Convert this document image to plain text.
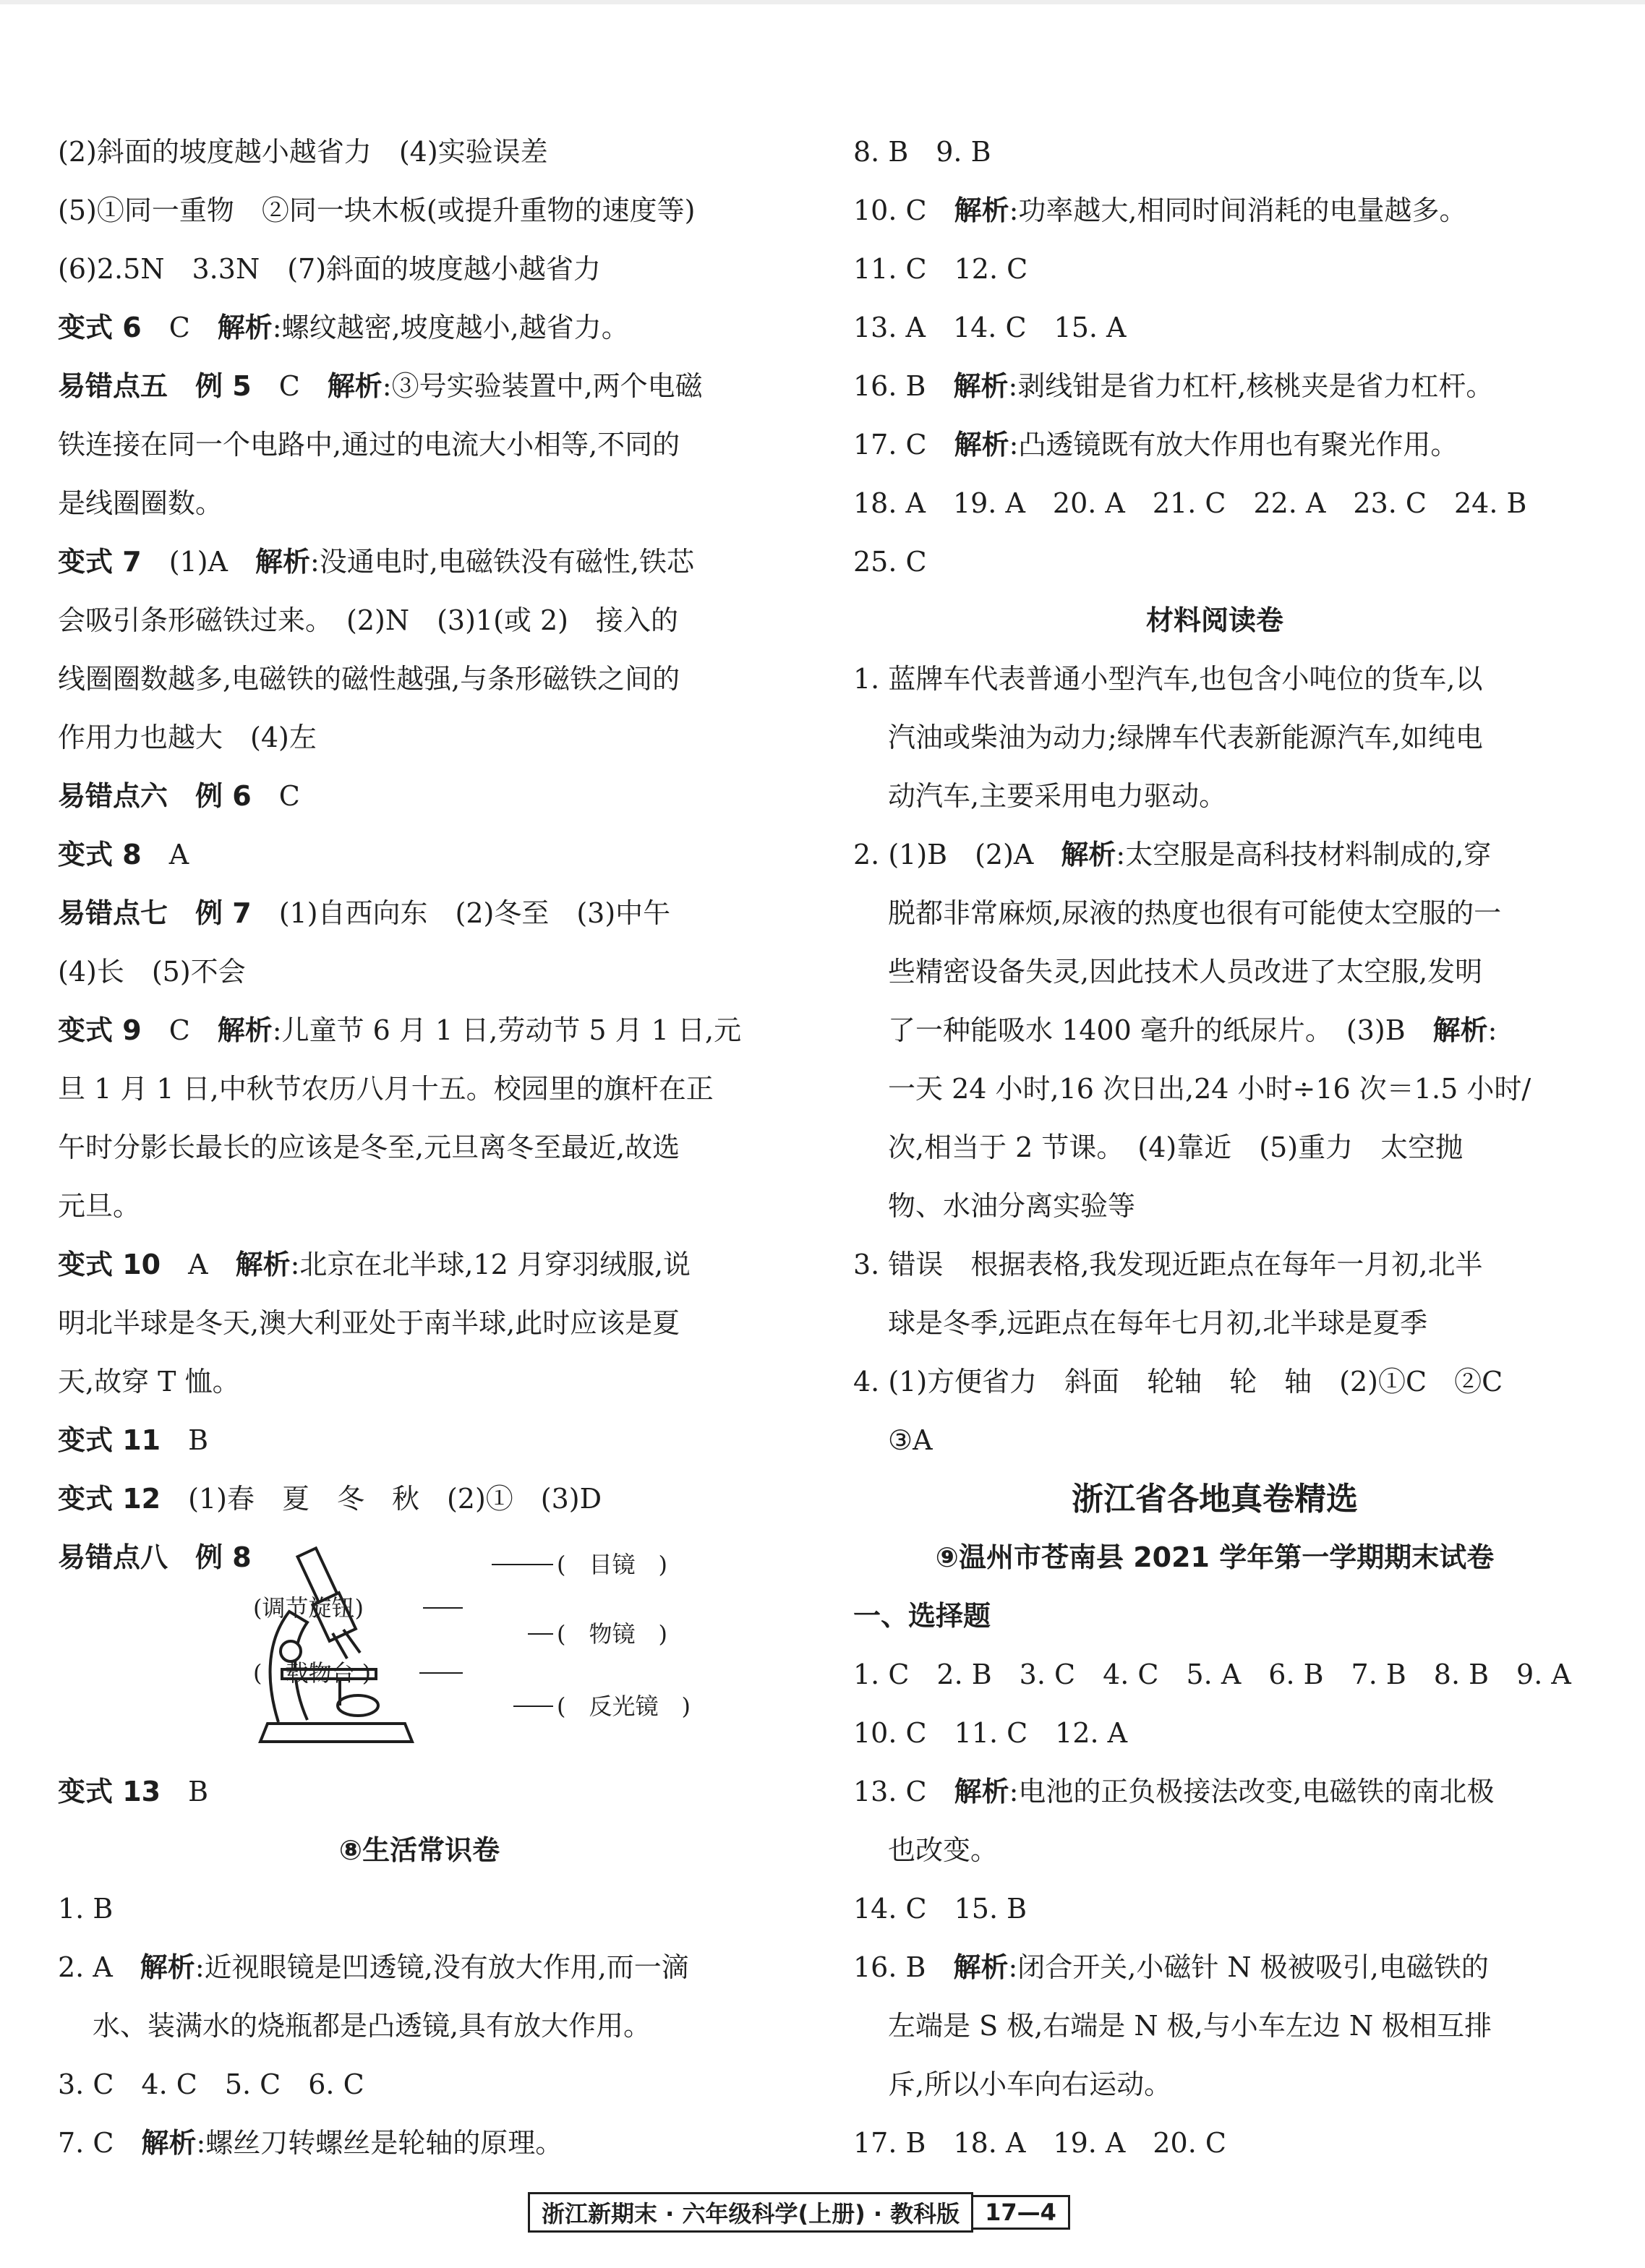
(2)斜面的坡度越小越省力　(4)实验误差
(5)①同一重物　②同一块木板(或提升重物的速度等)
(6)2.5N　3.3N　(7)斜面的坡度越小越省力
变式 6　 C　 解析:螺纹越密,坡度越小,越省力。
易错点五　例 5　 C　 解析:③号实验装置中,两个电磁
铁连接在同一个电路中,通过的电流大小相等,不同的
是线圈圈数。
变式 7　 (1)A　 解析:没通电时,电磁铁没有磁性,铁芯
会吸引条形磁铁过来。　(2)N　(3)1(或 2)　接入的
线圈圈数越多,电磁铁的磁性越强,与条形磁铁之间的
作用力也越大　(4)左
易错点六　例 6　 C
变式 8　 A
易错点七　例 7　 (1)自西向东　(2)冬至　(3)中午
(4)长　(5)不会
变式 9　 C　 解析:儿童节 6 月 1 日,劳动节 5 月 1 日,元
旦 1 月 1 日,中秋节农历八月十五。校园里的旗杆在正
午时分影长最长的应该是冬至,元旦离冬至最近,故选
元旦。
变式 10　 A　 解析:北京在北半球,12 月穿羽绒服,说
明北半球是冬天,澳大利亚处于南半球,此时应该是夏
天,故穿 T 恤。
变式 11　 B
变式 12　 (1)春　夏　冬　秋　(2)①　(3)D
易错点八　例 8	(　目镜　)
(调节旋钮)
(　物镜　)
(　载物台 )
(　反光镜　)
变式 13　 B
⑧生活常识卷
1. B
2. A　 解析:近视眼镜是凹透镜,没有放大作用,而一滴
水、装满水的烧瓶都是凸透镜,具有放大作用。
3. C　4. C　5. C　6. C
7. C　 解析:螺丝刀转螺丝是轮轴的原理。
8. B　9. B
10. C　 解析:功率越大,相同时间消耗的电量越多。
11. C　12. C
13. A　14. C　15. A
16. B　 解析:剥线钳是省力杠杆,核桃夹是省力杠杆。
17. C　 解析:凸透镜既有放大作用也有聚光作用。
18. A　19. A　20. A　21. C　22. A　23. C　24. B
25. C
材料阅读卷
1. 蓝牌车代表普通小型汽车,也包含小吨位的货车,以
汽油或柴油为动力;绿牌车代表新能源汽车,如纯电
动汽车,主要采用电力驱动。
2. (1)B　(2)A　 解析:太空服是高科技材料制成的,穿
脱都非常麻烦,尿液的热度也很有可能使太空服的一
些精密设备失灵,因此技术人员改进了太空服,发明
了一种能吸水 1400 毫升的纸尿片。　(3)B　 解析:
一天 24 小时,16 次日出,24 小时÷16 次＝1.5 小时/
次,相当于 2 节课。　(4)靠近　(5)重力　太空抛
物、水油分离实验等
3. 错误　根据表格,我发现近距点在每年一月初,北半
球是冬季,远距点在每年七月初,北半球是夏季
4. (1)方便省力　斜面　轮轴　轮　轴　(2)①C　②C
③A
浙江省各地真卷精选
⑨温州市苍南县 2021 学年第一学期期末试卷
一、选择题
1. C　2. B　3. C　4. C　5. A　6. B　7. B　8. B　9. A
10. C　11. C　12. A
13. C　 解析:电池的正负极接法改变,电磁铁的南北极
也改变。
14. C　15. B
16. B　 解析:闭合开关,小磁针 N 极被吸引,电磁铁的
左端是 S 极,右端是 N 极,与小车左边 N 极相互排
斥,所以小车向右运动。
17. B　18. A　19. A　20. C
浙江新期末 · 六年级科学(上册) · 教科版	17—4
